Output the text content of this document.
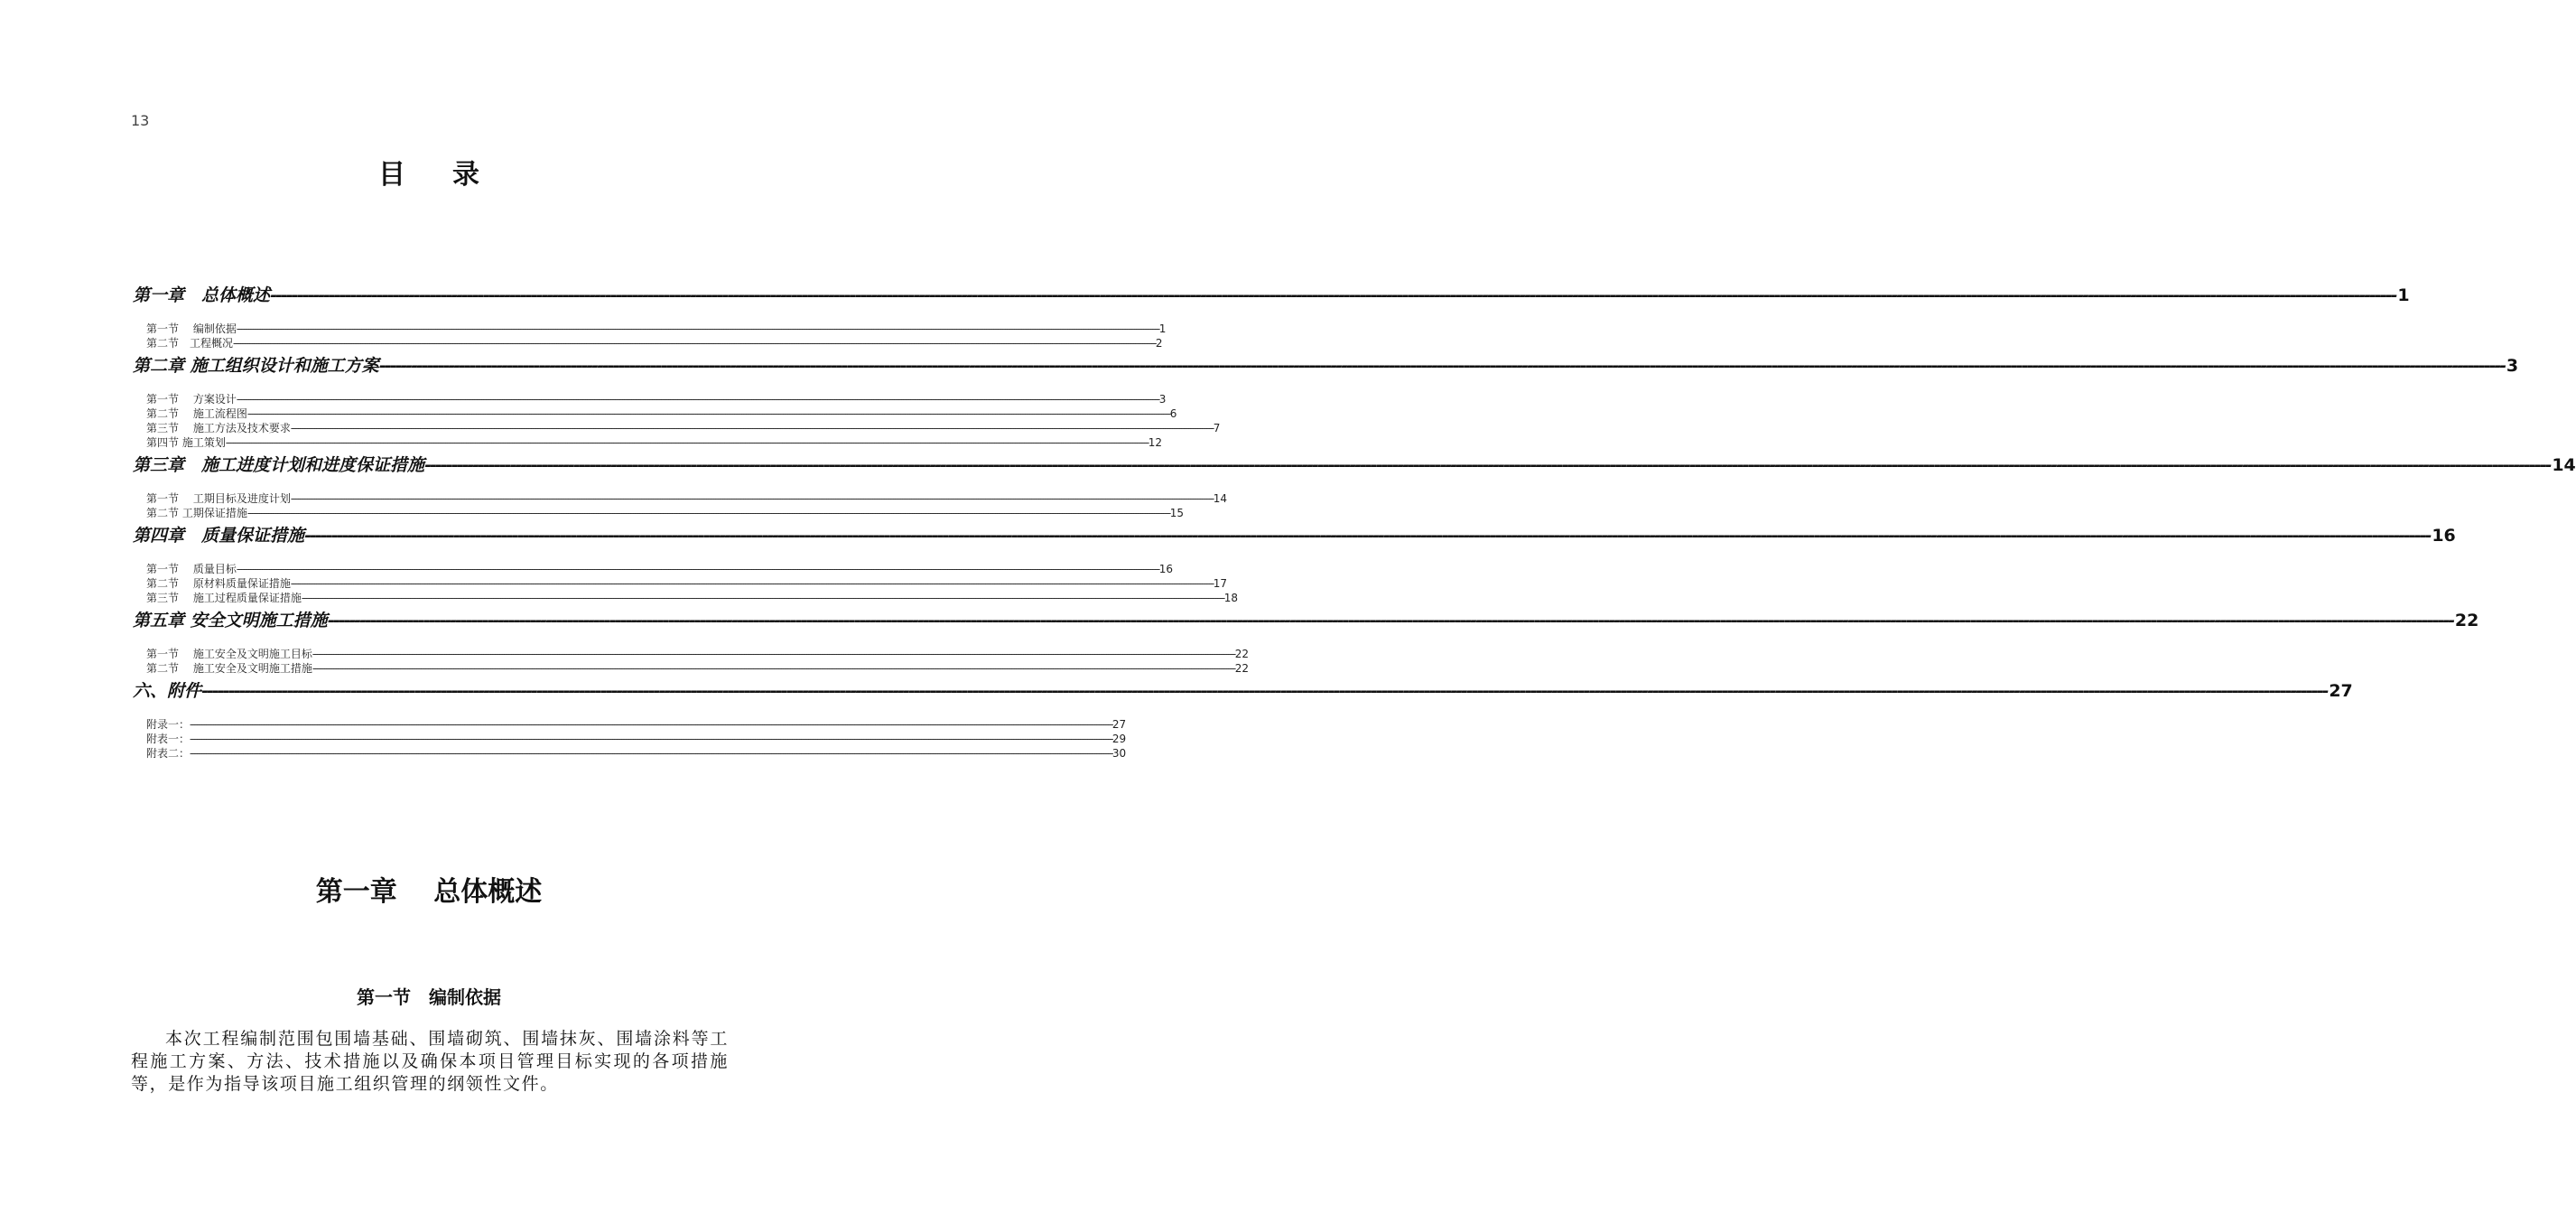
13
目录
第一章　总体概述 ---------------------------------------------------------------------------------------------------------------------------------------------------------------------------------------------------------------------------------------------------------------------------------------------------------------------------------------------------------------------------------------------------------------- 1
第一节　 编制依据 ---------------------------------------------------------------------------------------------------------------------------------------------------------------------------------------------------------------------------------------------------------------------------------------------------------------------------------------------------------------------------------------------------------------- 1
第二节　工程概况 ---------------------------------------------------------------------------------------------------------------------------------------------------------------------------------------------------------------------------------------------------------------------------------------------------------------------------------------------------------------------------------------------------------------- 2
第二章 施工组织设计和施工方案 ---------------------------------------------------------------------------------------------------------------------------------------------------------------------------------------------------------------------------------------------------------------------------------------------------------------------------------------------------------------------------------------------------------------- 3
第一节　 方案设计 ---------------------------------------------------------------------------------------------------------------------------------------------------------------------------------------------------------------------------------------------------------------------------------------------------------------------------------------------------------------------------------------------------------------- 3
第二节　 施工流程图 ---------------------------------------------------------------------------------------------------------------------------------------------------------------------------------------------------------------------------------------------------------------------------------------------------------------------------------------------------------------------------------------------------------------- 6
第三节　 施工方法及技术要求 ---------------------------------------------------------------------------------------------------------------------------------------------------------------------------------------------------------------------------------------------------------------------------------------------------------------------------------------------------------------------------------------------------------------- 7
第四节 施工策划 ---------------------------------------------------------------------------------------------------------------------------------------------------------------------------------------------------------------------------------------------------------------------------------------------------------------------------------------------------------------------------------------------------------------- 12
第三章　施工进度计划和进度保证措施 ---------------------------------------------------------------------------------------------------------------------------------------------------------------------------------------------------------------------------------------------------------------------------------------------------------------------------------------------------------------------------------------------------------------- 14
第一节　 工期目标及进度计划 ---------------------------------------------------------------------------------------------------------------------------------------------------------------------------------------------------------------------------------------------------------------------------------------------------------------------------------------------------------------------------------------------------------------- 14
第二节 工期保证措施 ---------------------------------------------------------------------------------------------------------------------------------------------------------------------------------------------------------------------------------------------------------------------------------------------------------------------------------------------------------------------------------------------------------------- 15
第四章　质量保证措施 ---------------------------------------------------------------------------------------------------------------------------------------------------------------------------------------------------------------------------------------------------------------------------------------------------------------------------------------------------------------------------------------------------------------- 16
第一节　 质量目标 ---------------------------------------------------------------------------------------------------------------------------------------------------------------------------------------------------------------------------------------------------------------------------------------------------------------------------------------------------------------------------------------------------------------- 16
第二节　 原材料质量保证措施 ---------------------------------------------------------------------------------------------------------------------------------------------------------------------------------------------------------------------------------------------------------------------------------------------------------------------------------------------------------------------------------------------------------------- 17
第三节　 施工过程质量保证措施 ---------------------------------------------------------------------------------------------------------------------------------------------------------------------------------------------------------------------------------------------------------------------------------------------------------------------------------------------------------------------------------------------------------------- 18
第五章 安全文明施工措施 ---------------------------------------------------------------------------------------------------------------------------------------------------------------------------------------------------------------------------------------------------------------------------------------------------------------------------------------------------------------------------------------------------------------- 22
第一节　 施工安全及文明施工目标 ---------------------------------------------------------------------------------------------------------------------------------------------------------------------------------------------------------------------------------------------------------------------------------------------------------------------------------------------------------------------------------------------------------------- 22
第二节　 施工安全及文明施工措施 ---------------------------------------------------------------------------------------------------------------------------------------------------------------------------------------------------------------------------------------------------------------------------------------------------------------------------------------------------------------------------------------------------------------- 22
六、附件 ---------------------------------------------------------------------------------------------------------------------------------------------------------------------------------------------------------------------------------------------------------------------------------------------------------------------------------------------------------------------------------------------------------------- 27
附录一： ---------------------------------------------------------------------------------------------------------------------------------------------------------------------------------------------------------------------------------------------------------------------------------------------------------------------------------------------------------------------------------------------------------------- 27
附表一： ---------------------------------------------------------------------------------------------------------------------------------------------------------------------------------------------------------------------------------------------------------------------------------------------------------------------------------------------------------------------------------------------------------------- 29
附表二： ---------------------------------------------------------------------------------------------------------------------------------------------------------------------------------------------------------------------------------------------------------------------------------------------------------------------------------------------------------------------------------------------------------------- 30
第一章　 总体概述
第一节　编制依据
本次工程编制范围包围墙基础、围墙砌筑、围墙抹灰、围墙涂料等工程施工方案、方法、技术措施以及确保本项目管理目标实现的各项措施等，是作为指导该项目施工组织管理的纲领性文件。
